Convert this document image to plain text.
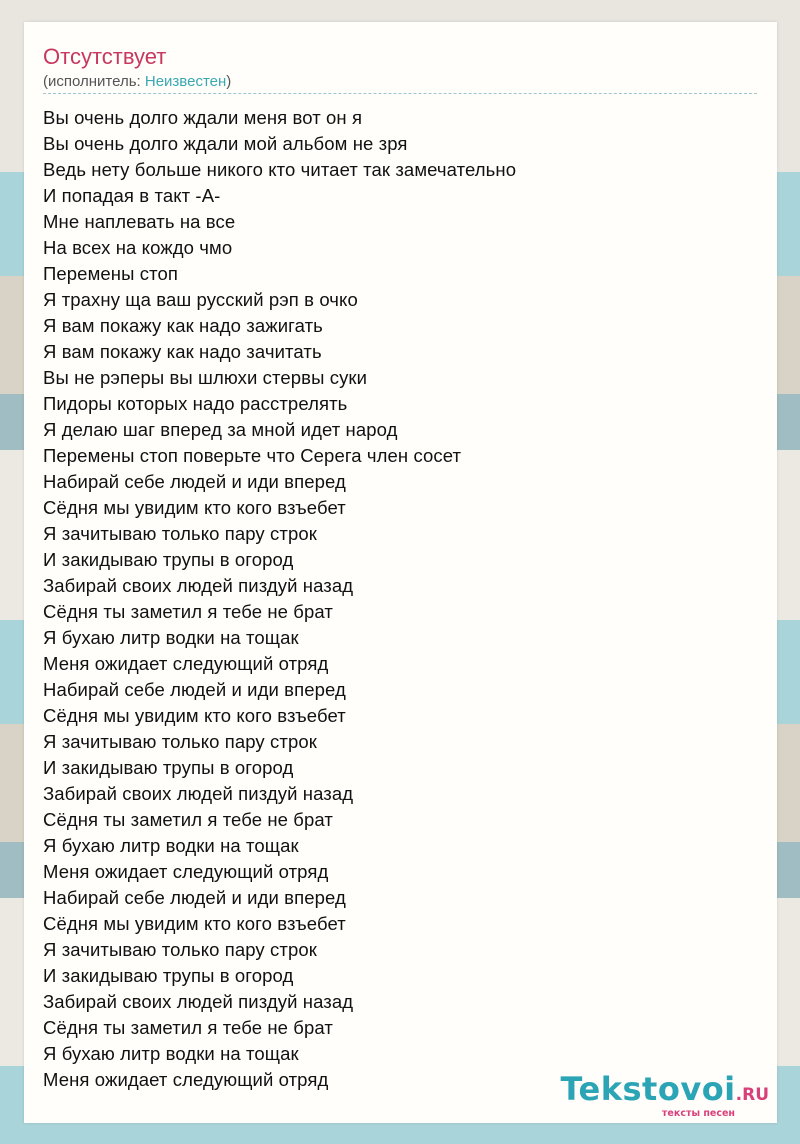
Отсутствует
(исполнитель: Неизвестен)
Вы очень долго ждали меня вот он я
Вы очень долго ждали мой альбом не зря
Ведь нету больше никого кто читает так замечательно
И попадая в такт -А-
Мне наплевать на все
На всех на кождо чмо
Перемены стоп
Я трахну ща ваш русский рэп в очко
Я вам покажу как надо зажигать
Я вам покажу как надо зачитать
Вы не рэперы вы шлюхи стервы суки
Пидоры которых надо расстрелять
Я делаю шаг вперед за мной идет народ
Перемены стоп поверьте что Серега член сосет
Набирай себе людей и иди вперед
Сёдня мы увидим кто кого взъебет
Я зачитываю только пару строк
И закидываю трупы в огород
Забирай своих людей пиздуй назад
Сёдня ты заметил я тебе не брат
Я бухаю литр водки на тощак
Меня ожидает следующий отряд
Набирай себе людей и иди вперед
Сёдня мы увидим кто кого взъебет
Я зачитываю только пару строк
И закидываю трупы в огород
Забирай своих людей пиздуй назад
Сёдня ты заметил я тебе не брат
Я бухаю литр водки на тощак
Меня ожидает следующий отряд
Набирай себе людей и иди вперед
Сёдня мы увидим кто кого взъебет
Я зачитываю только пару строк
И закидываю трупы в огород
Забирай своих людей пиздуй назад
Сёдня ты заметил я тебе не брат
Я бухаю литр водки на тощак
Меня ожидает следующий отряд	Tekstovoi.RU
тексты песен
